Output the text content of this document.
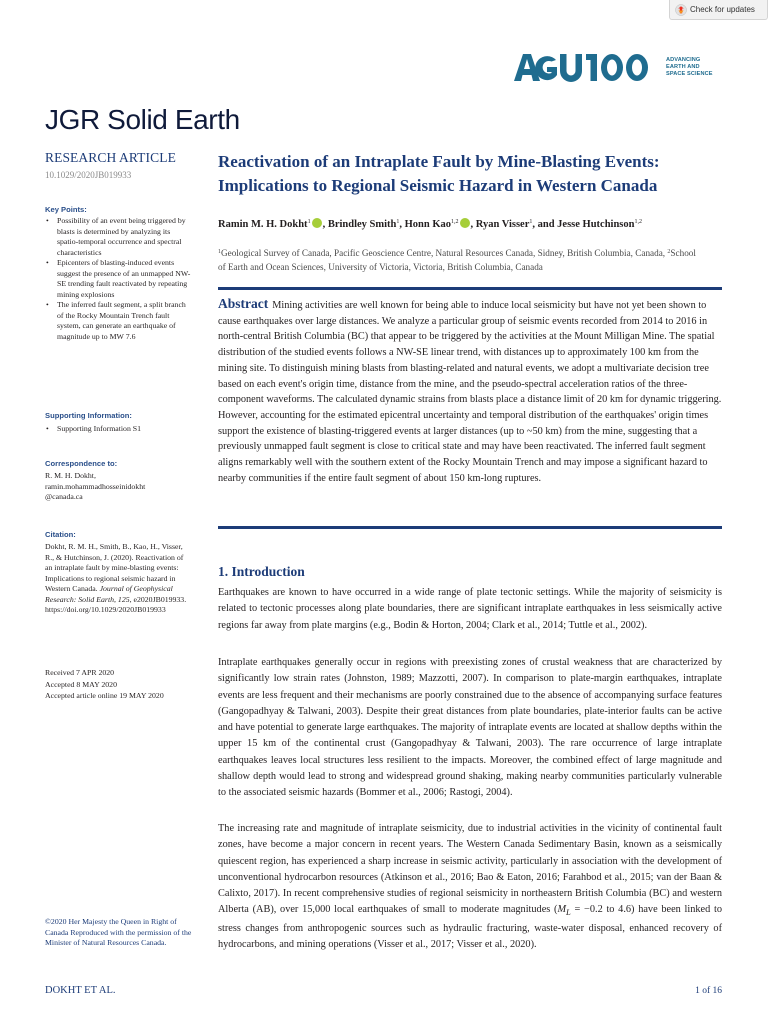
Check for updates
ADVANCING
EARTH AND
SPACE SCIENCE
JGR Solid Earth
RESEARCH ARTICLE
10.1029/2020JB019933
Key Points:
• Possibility of an event being triggered by blasts is determined by analyzing its spatio-temporal occurrence and spectral characteristics
• Epicenters of blasting-induced events suggest the presence of an unmapped NW-SE trending fault reactivated by repeating mining explosions
• The inferred fault segment, a split branch of the Rocky Mountain Trench fault system, can generate an earthquake of magnitude up to MW 7.6
Supporting Information:
• Supporting Information S1
Correspondence to:
R. M. H. Dokht,
ramin.mohammadhosseinidokht
@canada.ca
Citation:
Dokht, R. M. H., Smith, B., Kao, H., Visser, R., & Hutchinson, J. (2020). Reactivation of an intraplate fault by mine-blasting events: Implications to regional seismic hazard in Western Canada. Journal of Geophysical Research: Solid Earth, 125, e2020JB019933. https://doi.org/10.1029/2020JB019933
Received 7 APR 2020
Accepted 8 MAY 2020
Accepted article online 19 MAY 2020
Reactivation of an Intraplate Fault by Mine-Blasting Events: Implications to Regional Seismic Hazard in Western Canada
Ramin M. H. Dokht$^1$ , Brindley Smith$^1$, Honn Kao$^{1,2}$ , Ryan Visser$^1$, and Jesse Hutchinson$^{1,2}$
$^1$Geological Survey of Canada, Pacific Geoscience Centre, Natural Resources Canada, Sidney, British Columbia, Canada, $^2$School of Earth and Ocean Sciences, University of Victoria, Victoria, British Columbia, Canada
Abstract Mining activities are well known for being able to induce local seismicity but have not yet been shown to cause earthquakes over large distances. We analyze a particular group of seismic events recorded from 2014 to 2016 in north-central British Columbia (BC) that appear to be triggered by the activities at the Mount Milligan Mine. The spatial distribution of the studied events follows a NW-SE linear trend, with distances up to approximately 100 km from the mining site. To distinguish mining blasts from blasting-related and natural events, we adopt a multivariate decision tree based on each event's origin time, distance from the mine, and the pseudo-spectral acceleration ratios of the three-component waveforms. The calculated dynamic strains from blasts place a distance limit of 20 km for dynamic triggering. However, accounting for the estimated epicentral uncertainty and temporal distribution of the earthquakes' origin times support the existence of blasting-triggered events at larger distances (up to ~50 km) from the mine, suggesting that a previously unmapped fault segment is close to critical state and may have been reactivated. The inferred fault segment aligns remarkably well with the southern extent of the Rocky Mountain Trench and may impose a significant hazard to nearby communities if the entire fault segment of about 150 km-long ruptures.
1. Introduction
Earthquakes are known to have occurred in a wide range of plate tectonic settings. While the majority of seismicity is related to tectonic processes along plate boundaries, there are significant intraplate earthquakes in less seismically active regions far away from plate margins (e.g., Bodin & Horton, 2004; Clark et al., 2014; Tuttle et al., 2002).
Intraplate earthquakes generally occur in regions with preexisting zones of crustal weakness that are characterized by significantly low strain rates (Johnston, 1989; Mazzotti, 2007). In comparison to plate-margin earthquakes, intraplate events are less frequent and their mechanisms are poorly constrained due to the absence of accompanying surface features (Gangopadhyay & Talwani, 2003). Despite their great distances from plate boundaries, plate-interior faults can be active and have potential to generate large earthquakes. The majority of intraplate events are located at shallow depths within the upper 15 km of the continental crust (Gangopadhyay & Talwani, 2003). The rare occurrence of large intraplate earthquakes leaves local structures less resilient to the impacts. Moreover, the combined effect of large magnitude and shallow depth would lead to strong and widespread ground shaking, making nearby communities particularly vulnerable to the associated seismic hazards (Bommer et al., 2006; Rastogi, 2004).
The increasing rate and magnitude of intraplate seismicity, due to industrial activities in the vicinity of continental fault zones, have become a major concern in recent years. The Western Canada Sedimentary Basin, known as a seismically quiescent region, has experienced a sharp increase in seismic activity, particularly in association with the development of unconventional hydrocarbon resources (Atkinson et al., 2016; Bao & Eaton, 2016; Farahbod et al., 2015; van der Baan & Calixto, 2017). In recent comprehensive studies of regional seismicity in northeastern British Columbia (BC) and western Alberta (AB), over 15,000 local earthquakes of small to moderate magnitudes ($M_L = -0.2$ to 4.6) have been linked to stress changes from anthropogenic sources such as hydraulic fracturing, waste-water disposal, enhanced recovery of hydrocarbons, and mining operations (Visser et al., 2017; Visser et al., 2020).
©2020 Her Majesty the Queen in Right of Canada Reproduced with the permission of the Minister of Natural Resources Canada.
DOKHT ET AL.	1 of 16
